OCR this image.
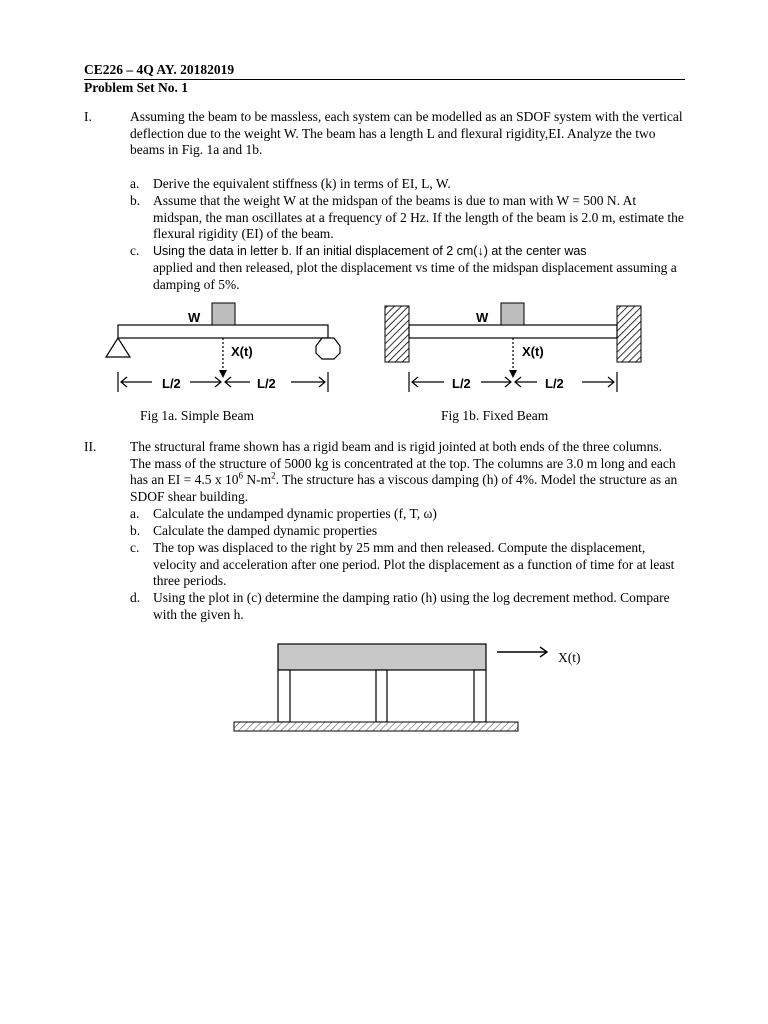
CE226 – 4Q AY. 20182019
Problem Set No. 1
I.	Assuming the beam to be massless, each system can be modelled as an SDOF system with the vertical deflection due to the weight W. The beam has a length L and flexural rigidity,EI. Analyze the two beams in Fig. 1a and 1b.
a. Derive the equivalent stiffness (k) in terms of EI, L, W.
b. Assume that the weight W at the midspan of the beams is due to man with W = 500 N. At midspan, the man oscillates at a frequency of 2 Hz. If the length of the beam is 2.0 m, estimate the flexural rigidity (EI) of the beam.
c. Using the data in letter b. If an initial displacement of 2 cm(↓) at the center was
applied and then released, plot the displacement vs time of the midspan displacement assuming a damping of 5%.
W
X(t)
L/2	L/2
W
X(t)
L/2	L/2
Fig 1a. Simple Beam	Fig 1b. Fixed Beam
II. The structural frame shown has a rigid beam and is rigid jointed at both ends of the three columns. The mass of the structure of 5000 kg is concentrated at the top. The columns are 3.0 m long and each has an EI = 4.5 x $10^6$ $N-m^2$. The structure has a viscous damping (h) of 4%. Model the structure as an SDOF shear building.
a. Calculate the undamped dynamic properties (f, T, ω)
b. Calculate the damped dynamic properties
c. The top was displaced to the right by 25 mm and then released. Compute the displacement, velocity and acceleration after one period. Plot the displacement as a function of time for at least three periods.
d. Using the plot in (c) determine the damping ratio (h) using the log decrement method. Compare with the given h.
X(t)
